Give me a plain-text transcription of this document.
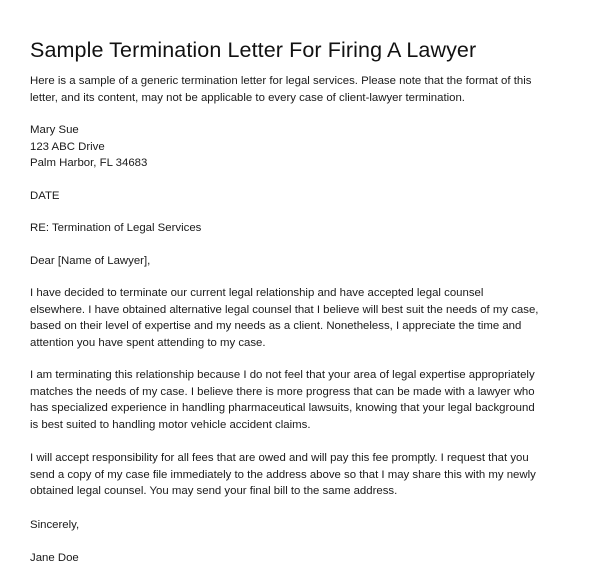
Sample Termination Letter For Firing A Lawyer

Here is a sample of a generic termination letter for legal services. Please note that the format of this
letter, and its content, may not be applicable to every case of client-lawyer termination.

Mary Sue
123 ABC Drive
Palm Harbor, FL 34683

DATE

RE: Termination of Legal Services

Dear [Name of Lawyer],

I have decided to terminate our current legal relationship and have accepted legal counsel
elsewhere. I have obtained alternative legal counsel that I believe will best suit the needs of my case,
based on their level of expertise and my needs as a client. Nonetheless, I appreciate the time and
attention you have spent attending to my case.

I am terminating this relationship because I do not feel that your area of legal expertise appropriately
matches the needs of my case. I believe there is more progress that can be made with a lawyer who
has specialized experience in handling pharmaceutical lawsuits, knowing that your legal background
is best suited to handling motor vehicle accident claims.

I will accept responsibility for all fees that are owed and will pay this fee promptly. I request that you
send a copy of my case file immediately to the address above so that I may share this with my newly
obtained legal counsel. You may send your final bill to the same address.

Sincerely,

Jane Doe
